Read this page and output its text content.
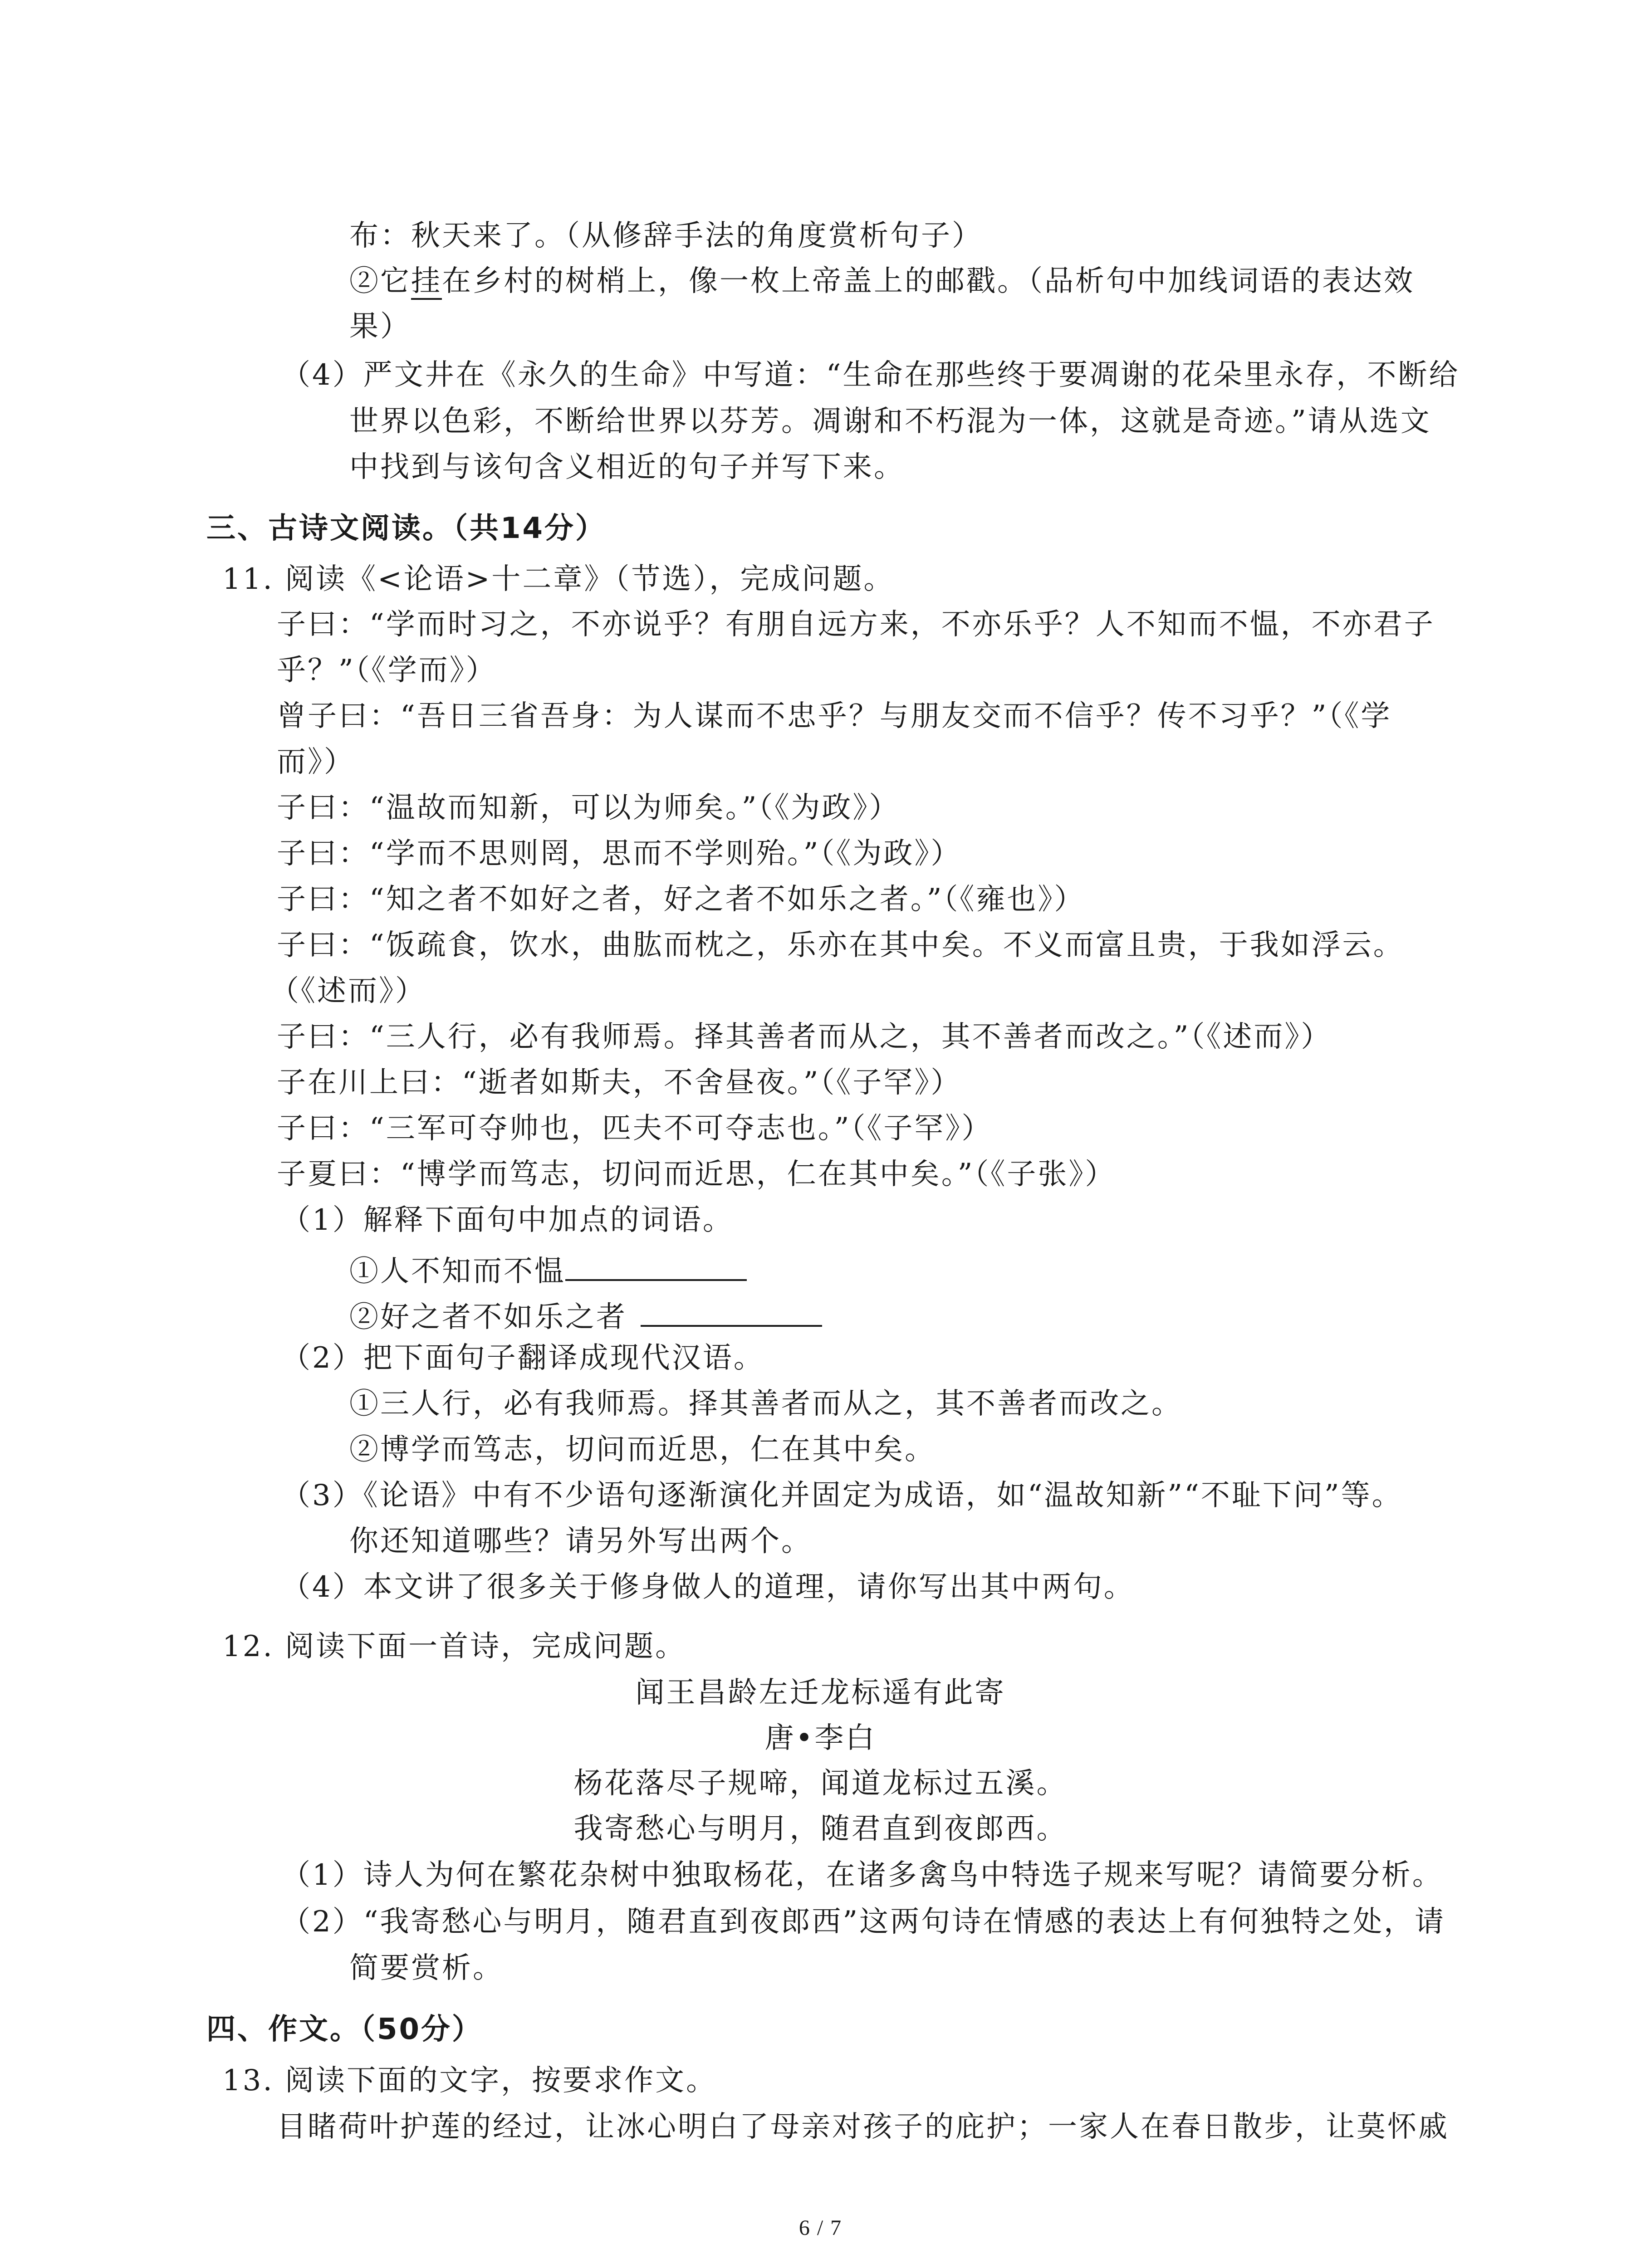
布：秋天来了。（从修辞手法的角度赏析句子）
②它挂在乡村的树梢上，像一枚上帝盖上的邮戳。（品析句中加线词语的表达效
果）
（4）严文井在《永久的生命》中写道：“生命在那些终于要凋谢的花朵里永存，不断给
世界以色彩，不断给世界以芬芳。凋谢和不朽混为一体，这就是奇迹。”请从选文
中找到与该句含义相近的句子并写下来。
三、古诗文阅读。（共14分）
11. 阅读《<论语>十二章》（节选），完成问题。
子曰：“学而时习之，不亦说乎？有朋自远方来，不亦乐乎？人不知而不愠，不亦君子
乎？”（《学而》）
曾子曰：“吾日三省吾身：为人谋而不忠乎？与朋友交而不信乎？传不习乎？”（《学
而》）
子曰：“温故而知新，可以为师矣。”（《为政》）
子曰：“学而不思则罔，思而不学则殆。”（《为政》）
子曰：“知之者不如好之者，好之者不如乐之者。”（《雍也》）
子曰：“饭疏食，饮水，曲肱而枕之，乐亦在其中矣。不义而富且贵，于我如浮云。
（《述而》）
子曰：“三人行，必有我师焉。择其善者而从之，其不善者而改之。”（《述而》）
子在川上曰：“逝者如斯夫，不舍昼夜。”（《子罕》）
子曰：“三军可夺帅也，匹夫不可夺志也。”（《子罕》）
子夏曰：“博学而笃志，切问而近思，仁在其中矣。”（《子张》）
（1）解释下面句中加点的词语。
①人不知而不愠
②好之者不如乐之者
（2）把下面句子翻译成现代汉语。
①三人行，必有我师焉。择其善者而从之，其不善者而改之。
②博学而笃志，切问而近思，仁在其中矣。
（3）《论语》中有不少语句逐渐演化并固定为成语，如“温故知新”“不耻下问”等。
你还知道哪些？请另外写出两个。
（4）本文讲了很多关于修身做人的道理，请你写出其中两句。
12. 阅读下面一首诗，完成问题。
闻王昌龄左迁龙标遥有此寄
唐•李白
杨花落尽子规啼，闻道龙标过五溪。
我寄愁心与明月，随君直到夜郎西。
（1）诗人为何在繁花杂树中独取杨花，在诸多禽鸟中特选子规来写呢？请简要分析。
（2）“我寄愁心与明月，随君直到夜郎西”这两句诗在情感的表达上有何独特之处，请
简要赏析。
四、作文。（50分）
13. 阅读下面的文字，按要求作文。
目睹荷叶护莲的经过，让冰心明白了母亲对孩子的庇护；一家人在春日散步，让莫怀戚
6 / 7
